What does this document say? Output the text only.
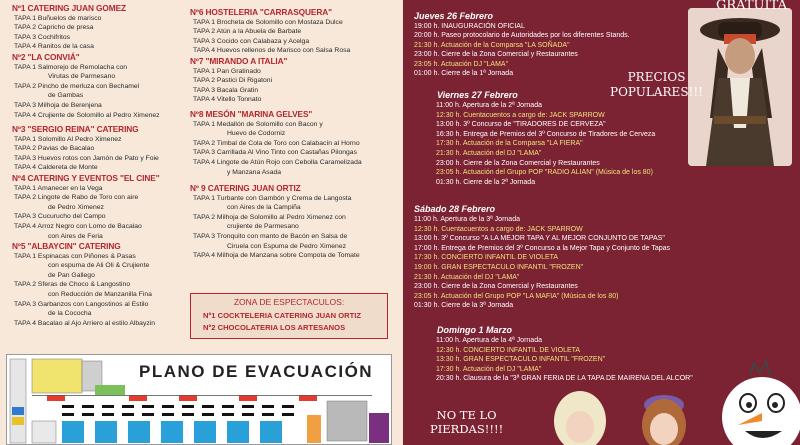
ZONA DE ESPECTACULOS:
Nº1 COCKTELERIA CATERING JUAN ORTIZ
Nº2 CHOCOLATERIA LOS ARTESANOS
PLANO DE EVACUACIÓN
GRATUITA
PRECIOS
POPULARES!!!
NO TE LO
PIERDAS!!!!
Nº1 CATERING JUAN GOMEZ
TAPA 1 Buñuelos de marisco
TAPA 2 Capricho de presa
TAPA 3 Cochifritos
TAPA 4 Ranitos de la casa
Nº2 "LA CONVIÁ"
TAPA 1 Salmorejo de Remolacha con
Virutas de Parmesano
TAPA 2 Pincho de merluza con Bechamel
de Gambas
TAPA 3 Milhoja de Berenjena
TAPA 4 Crujiente de Solomillo al Pedro Ximenez
Nº3 "SERGIO REINA" CATERING
TAPA 1 Solomillo Al Pedro Ximenez
TAPA 2 Pavias de Bacalao
TAPA 3 Huevos rotos con Jamón de Pato y Foie
TAPA 4 Caldereta de Monte
Nº4 CATERING Y EVENTOS "EL CINE"
TAPA 1 Amanecer en la Vega
TAPA 2 Lingote de Rabo de Toro con aire
de Pedro Ximenez
TAPA 3 Cucurucho del Campo
TAPA 4 Arroz Negro con Lomo de Bacalao
con Aires de Feria
Nº5 "ALBAYCIN" CATERING
TAPA 1 Espinacas con Piñones & Pasas
con espuma de Ali Oli & Crujiente
de Pan Gallego
TAPA 2 Sferas de Choco & Langostino
con Reducción de Manzanilla Fina
TAPA 3 Garbanzos con Langostinos al Estilo
de la Cococha
TAPA 4 Bacalao al Ajo Arriero al estilo Albayzin
Nº6 HOSTELERIA "CARRASQUERA"
TAPA 1 Brocheta de Solomillo con Mostaza Dulce
TAPA 2 Atún a la Abuela de Barbate
TAPA 3 Cocido con Calabaza y Acelga
TAPA 4 Huevos rellenos de Marisco con Salsa Rosa
Nº7 "MIRANDO A ITALIA"
TAPA 1 Pan Gratinado
TAPA 2 Pastici Di Rigatoni
TAPA 3 Bacala Gratin
TAPA 4 Vitello Tonnato
Nº8 MESÓN "MARINA GELVES"
TAPA 1 Medallón de Solomillo con Bacon y
Huevo de Codorniz
TAPA 2 Timbal de Cola de Toro con Calabacín al Horno
TAPA 3 Carrillada Al Vino Tinto con Castañas Pilongas
TAPA 4 Lingote de Atún Rojo con Cebolla Caramelizada
y Manzana Asada
Nº 9 CATERING JUAN ORTIZ
TAPA 1 Turbante con Gambón y Crema de Langosta
con Aires de la Campiña
TAPA 2 Milhoja de Solomillo al Pedro Ximenez con
crujiente de Parmesano
TAPA 3 Tronquito con manto de Bacón en Salsa de
Ciruela con Espuma de Pedro Ximenez
TAPA 4 Milhoja de Manzana sobre Compota de Tomate
Jueves 26 Febrero
19:00 h. INAUGURACIÓN OFICIAL
20:00 h. Paseo protocolario de Autoridades por los diferentes Stands.
21:30 h. Actuación de la Comparsa "LA SOÑADA"
23:00 h. Cierre de la Zona Comercial y Restaurantes
23:05 h. Actuación DJ "LAMA"
01:00 h. Cierre de la 1ª Jornada
Viernes 27 Febrero
11:00 h. Apertura de la 2ª Jornada
12:30 h. Cuentacuentos a cargo de: JACK SPARROW
13:00 h. 3º Concurso de "TIRADORES DE CERVEZA"
16:30 h. Entrega de Premios del 3º Concurso de Tiradores de Cerveza
17:30 h. Actuación de la Comparsa "LA FIERA"
21:30 h. Actuación del DJ "LAMA"
23:00 h. Cierre de la Zona Comercial y Restaurantes
23:05 h. Actuación del Grupo POP "RADIO ALIAN" (Música de los 80)
01:30 h. Cierre de la 2ª Jornada
Sábado 28 Febrero
11:00 h. Apertura de la 3ª Jornada
12:30 h. Cuentacuentos a cargo de: JACK SPARROW
13:00 h. 3º Concurso "A LA MEJOR TAPA Y AL MEJOR CONJUNTO DE TAPAS"
17:00 h. Entrega de Premios del 3º Concurso a la Mejor Tapa y Conjunto de Tapas
17:30 h. CONCIERTO INFANTIL DE VIOLETA
19:00 h. GRAN ESPECTACULO INFANTIL "FROZEN"
21:30 h. Actuación del DJ "LAMA"
23:00 h. Cierre de la Zona Comercial y Restaurantes
23:05 h. Actuación del Grupo POP "LA MAFIA" (Música de los 80)
01:30 h. Cierre de la 3ª Jornada
Domingo 1 Marzo
11:00 h. Apertura de la 4ª Jornada
12:30 h. CONCIERTO INFANTIL DE VIOLETA
13:30 h. GRAN ESPECTACULO INFANTIL "FROZEN"
17:30 h. Actuación del DJ "LAMA"
20:30 h. Clausura de la "3ª GRAN FERIA DE LA TAPA DE MAIRENA DEL ALCOR"
